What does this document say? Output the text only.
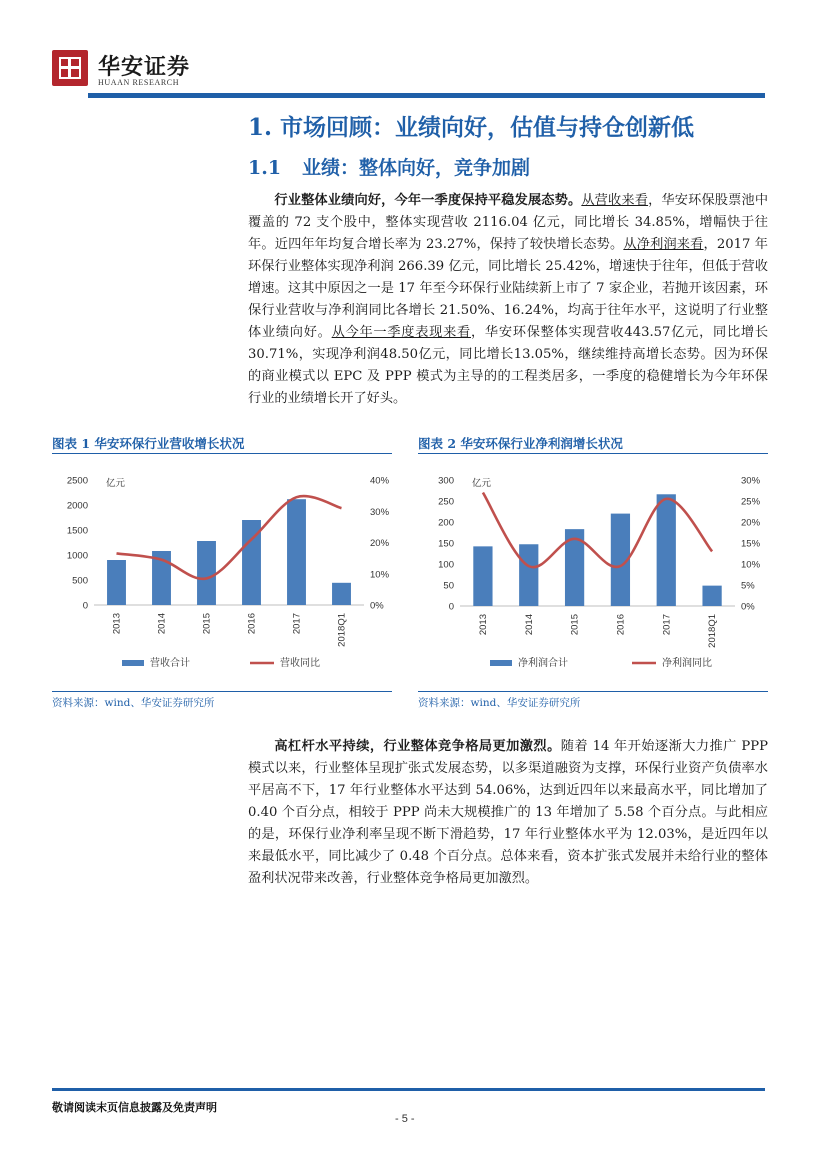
华安证券
HUAAN RESEARCH
1. 市场回顾：业绩向好，估值与持仓创新低
1.1 业绩：整体向好，竞争加剧
行业整体业绩向好，今年一季度保持平稳发展态势。从营收来看，华安环保股票池中覆盖的 72 支个股中，整体实现营收 2116.04 亿元，同比增长 34.85%，增幅快于往年。近四年年均复合增长率为 23.27%，保持了较快增长态势。从净利润来看，2017 年环保行业整体实现净利润 266.39 亿元，同比增长 25.42%，增速快于往年，但低于营收增速。这其中原因之一是 17 年至今环保行业陆续新上市了 7 家企业，若抛开该因素，环保行业营收与净利润同比各增长 21.50%、16.24%，均高于往年水平，这说明了行业整体业绩向好。从今年一季度表现来看，华安环保整体实现营收443.57亿元，同比增长30.71%，实现净利润48.50亿元，同比增长13.05%，继续维持高增长态势。因为环保的商业模式以 EPC 及 PPP 模式为主导的的工程类居多，一季度的稳健增长为今年环保行业的业绩增长开了好头。
图表 1 华安环保行业营收增长状况
0
500
1000
1500
2000
2500
0%
10%
20%
30%
40%
亿元
2013	2014	2015	2016	2017	2018Q1
营收合计	营收同比
资料来源：wind、华安证券研究所
图表 2 华安环保行业净利润增长状况
0
50
100
150
200
250
300
0%
5%
10%
15%
20%
25%
30%
亿元
2013	2014	2015	2016	2017	2018Q1
净利润合计	净利润同比
资料来源：wind、华安证券研究所
高杠杆水平持续，行业整体竞争格局更加激烈。随着 14 年开始逐渐大力推广 PPP 模式以来，行业整体呈现扩张式发展态势，以多渠道融资为支撑，环保行业资产负债率水平居高不下，17 年行业整体水平达到 54.06%，达到近四年以来最高水平，同比增加了 0.40 个百分点，相较于 PPP 尚未大规模推广的 13 年增加了 5.58 个百分点。与此相应的是，环保行业净利率呈现不断下滑趋势，17 年行业整体水平为 12.03%，是近四年以来最低水平，同比减少了 0.48 个百分点。总体来看，资本扩张式发展并未给行业的整体盈利状况带来改善，行业整体竞争格局更加激烈。
敬请阅读末页信息披露及免责声明
- 5 -
